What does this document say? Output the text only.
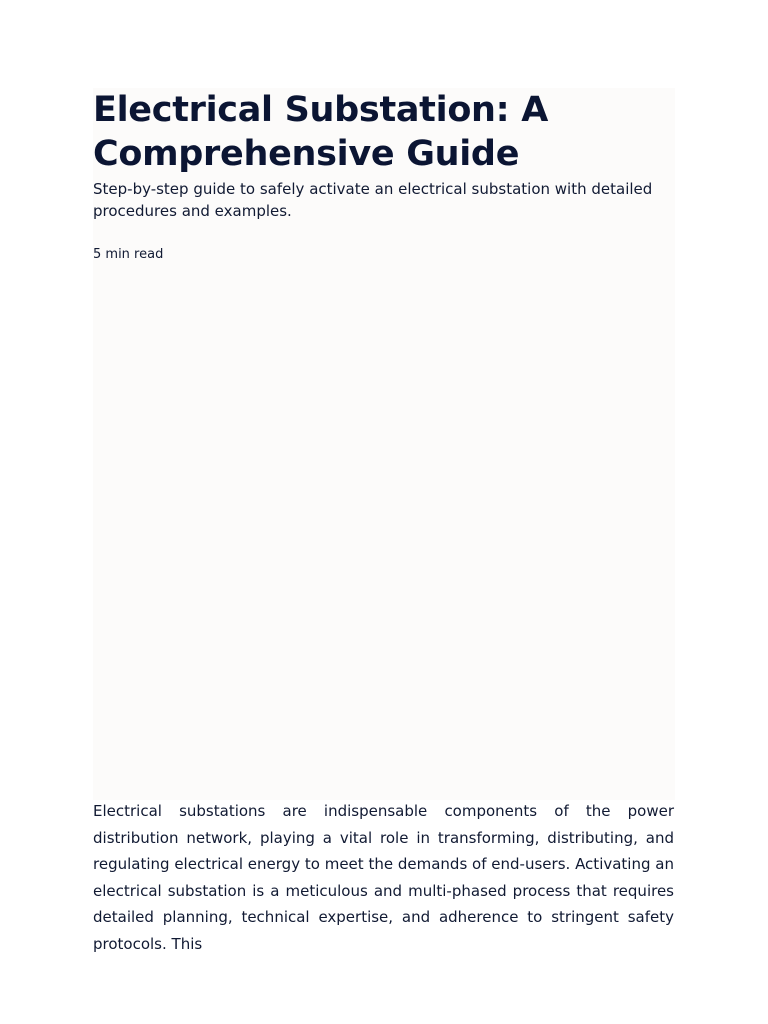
Electrical Substation: A Comprehensive Guide

Step-by-step guide to safely activate an electrical substation with detailed procedures and examples.

5 min read

Electrical substations are indispensable components of the power distribution network, playing a vital role in transforming, distributing, and regulating electrical energy to meet the demands of end-users. Activating an electrical substation is a meticulous and multi-phased process that requires detailed planning, technical expertise, and adherence to stringent safety protocols. This
